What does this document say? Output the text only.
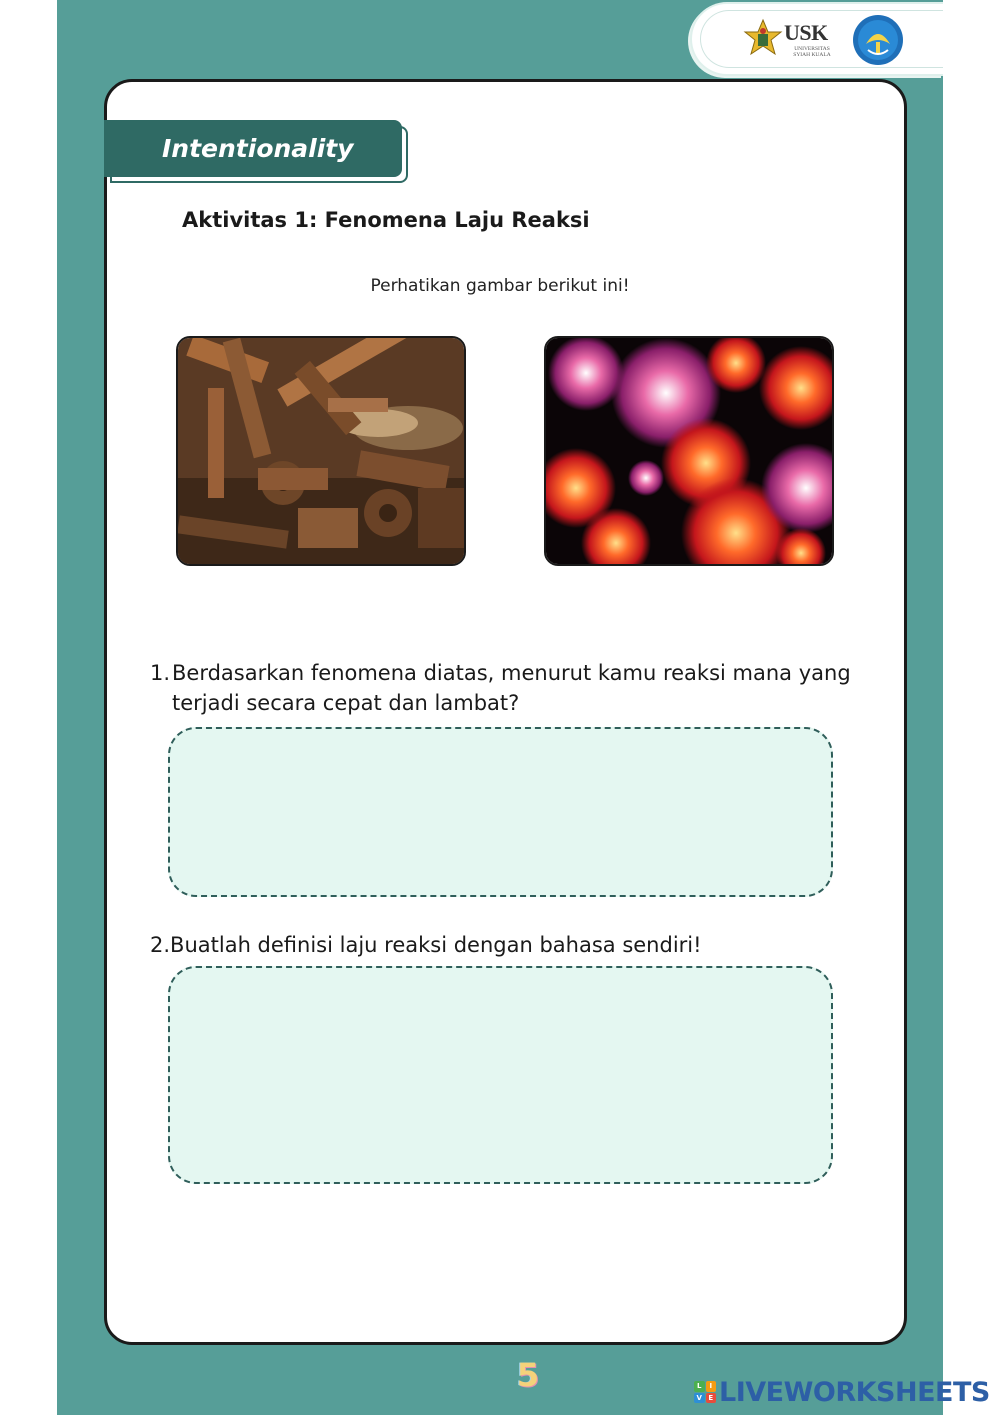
USK
UNIVERSITAS SYIAH KUALA
Intentionality
Aktivitas 1: Fenomena Laju Reaksi
Perhatikan gambar berikut ini!
1. Berdasarkan fenomena diatas, menurut kamu reaksi mana yang terjadi secara cepat dan lambat?
2.Buatlah definisi laju reaksi dengan bahasa sendiri!
5	L	I
V E LIVEWORKSHEETS
